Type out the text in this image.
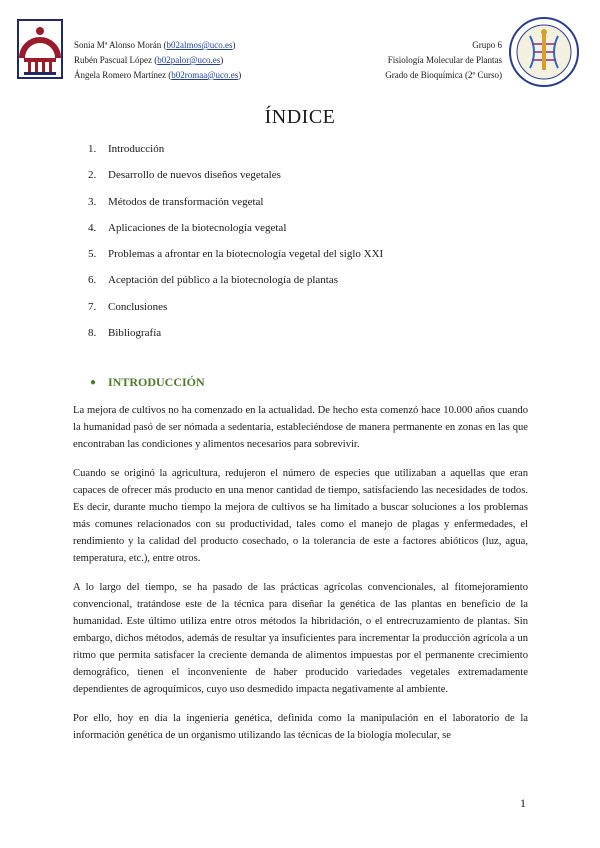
Sonia Mª Alonso Morán (b02almos@uco.es)
Rubén Pascual López (b02palor@uco.es)
Ángela Romero Martínez (b02romaa@uco.es)
Grupo 6
Fisiología Molecular de Plantas
Grado de Bioquímica (2º Curso)
ÍNDICE
1. Introducción
2. Desarrollo de nuevos diseños vegetales
3. Métodos de transformación vegetal
4. Aplicaciones de la biotecnología vegetal
5. Problemas a afrontar en la biotecnología vegetal del siglo XXI
6. Aceptación del público a la biotecnología de plantas
7. Conclusiones
8. Bibliografía
● INTRODUCCIÓN

La mejora de cultivos no ha comenzado en la actualidad. De hecho esta comenzó hace 10.000 años cuando la humanidad pasó de ser nómada a sedentaria, estableciéndose de manera permanente en zonas en las que encontraban las condiciones y alimentos necesarios para sobrevivir.

Cuando se originó la agricultura, redujeron el número de especies que utilizaban a aquellas que eran capaces de ofrecer más producto en una menor cantidad de tiempo, satisfaciendo las necesidades de todos. Es decir, durante mucho tiempo la mejora de cultivos se ha limitado a buscar soluciones a los problemas más comunes relacionados con su productividad, tales como el manejo de plagas y enfermedades, el rendimiento y la calidad del producto cosechado, o la tolerancia de este a factores abióticos (luz, agua, temperatura, etc.), entre otros.

A lo largo del tiempo, se ha pasado de las prácticas agrícolas convencionales, al fitomejoramiento convencional, tratándose este de la técnica para diseñar la genética de las plantas en beneficio de la humanidad. Este último utiliza entre otros métodos la hibridación, o el entrecruzamiento de plantas. Sin embargo, dichos métodos, además de resultar ya insuficientes para incrementar la producción agrícola a un ritmo que permita satisfacer la creciente demanda de alimentos impuestas por el permanente crecimiento demográfico, tienen el inconveniente de haber producido variedades vegetales extremadamente dependientes de agroquímicos, cuyo uso desmedido impacta negativamente al ambiente.

Por ello, hoy en día la ingeniería genética, definida como la manipulación en el laboratorio de la información genética de un organismo utilizando las técnicas de la biología molecular, se

1
